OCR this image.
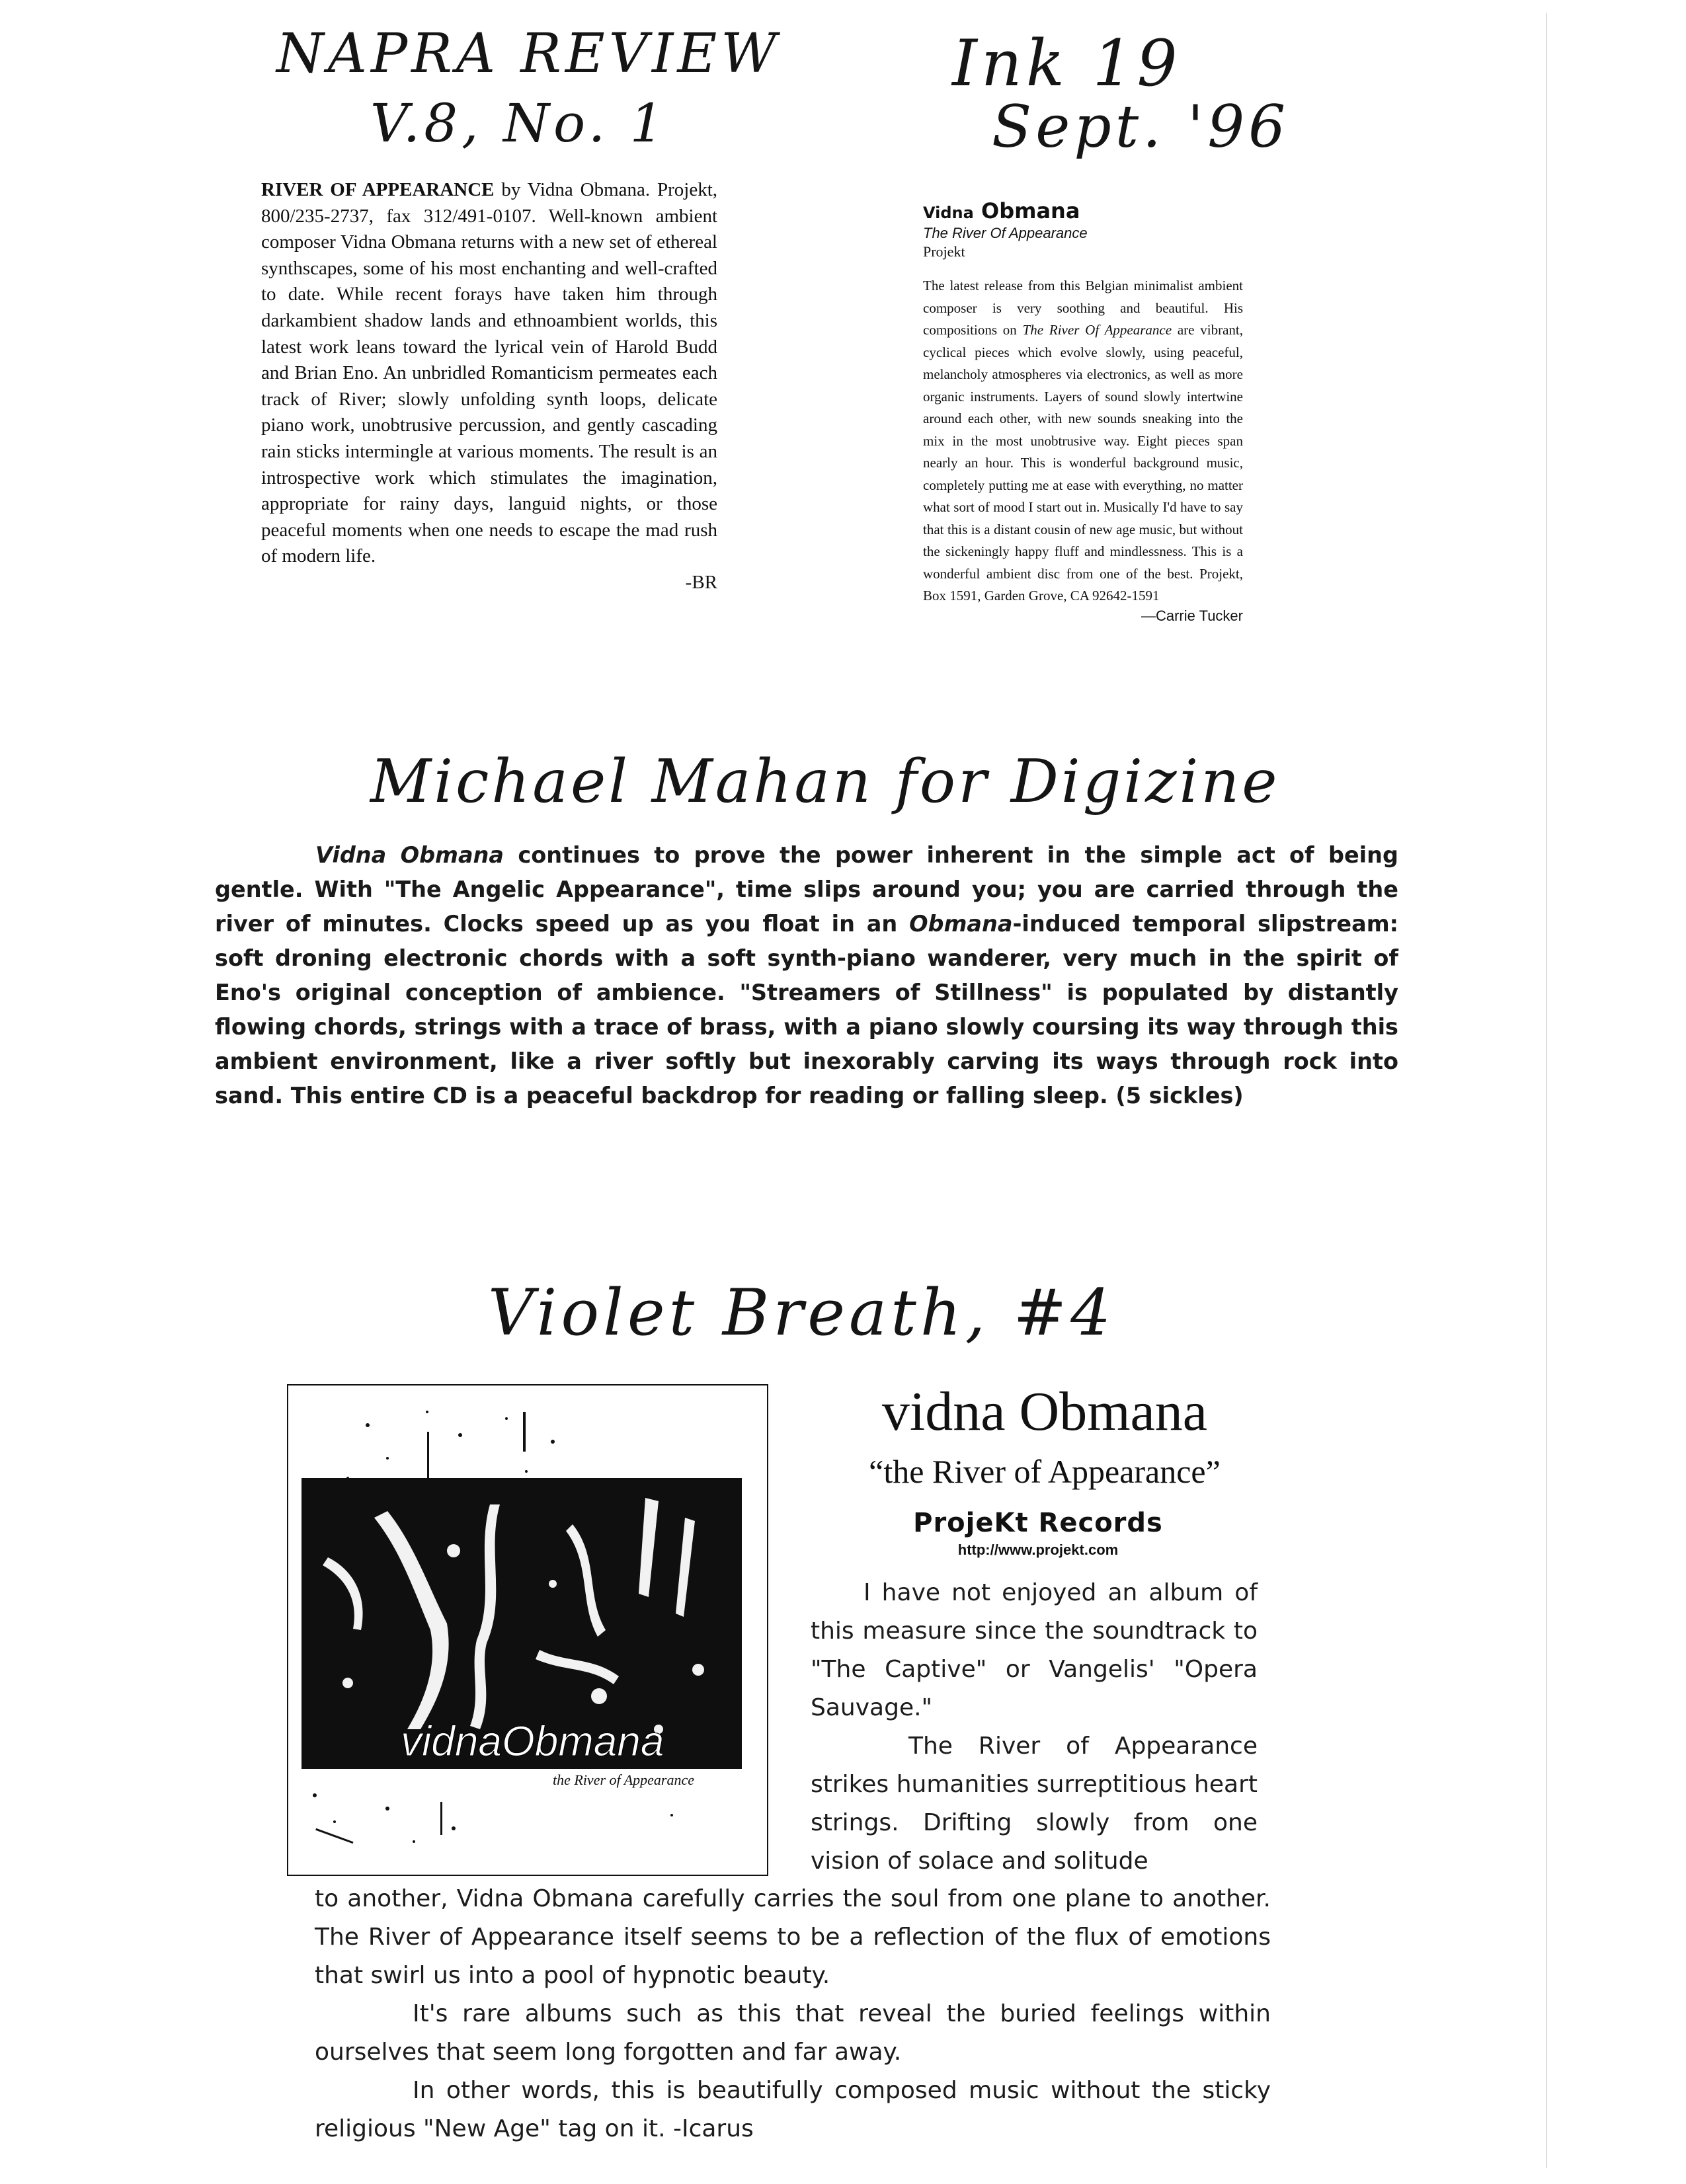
NAPRA REVIEW
V.8, No. 1
Ink 19
Sept. '96
Michael Mahan for Digizine
Violet Breath, #4
RIVER OF APPEARANCE by Vidna Obmana. Projekt, 800/235-2737, fax 312/491-0107. Well-known ambient composer Vidna Obmana returns with a new set of ethereal synthscapes, some of his most enchanting and well-crafted to date. While recent forays have taken him through darkambient shadow lands and ethnoambient worlds, this latest work leans toward the lyrical vein of Harold Budd and Brian Eno. An unbridled Romanticism permeates each track of River; slowly unfolding synth loops, delicate piano work, unobtrusive percussion, and gently cascading rain sticks intermingle at various moments. The result is an introspective work which stimulates the imagination, appropriate for rainy days, languid nights, or those peaceful moments when one needs to escape the mad rush of modern life.
-BR
Vidna Obmana
The River Of Appearance
Projekt
The latest release from this Belgian minimalist ambient composer is very soothing and beautiful. His compositions on The River Of Appearance are vibrant, cyclical pieces which evolve slowly, using peaceful, melancholy atmospheres via electronics, as well as more organic instruments. Layers of sound slowly intertwine around each other, with new sounds sneaking into the mix in the most unobtrusive way. Eight pieces span nearly an hour. This is wonderful background music, completely putting me at ease with everything, no matter what sort of mood I start out in. Musically I'd have to say that this is a distant cousin of new age music, but without the sickeningly happy fluff and mindlessness. This is a wonderful ambient disc from one of the best. Projekt, Box 1591, Garden Grove, CA 92642-1591
—Carrie Tucker
Vidna Obmana continues to prove the power inherent in the simple act of being gentle. With "The Angelic Appearance", time slips around you; you are carried through the river of minutes. Clocks speed up as you float in an Obmana-induced temporal slipstream: soft droning electronic chords with a soft synth-piano wanderer, very much in the spirit of Eno's original conception of ambience. "Streamers of Stillness" is populated by distantly flowing chords, strings with a trace of brass, with a piano slowly coursing its way through this ambient environment, like a river softly but inexorably carving its ways through rock into sand. This entire CD is a peaceful backdrop for reading or falling sleep. (5 sickles)
vidnaObmana
the River of Appearance
vidna Obmana
“the River of Appearance”
ProjeKt Records
http://www.projekt.com

I have not enjoyed an album of this measure since the soundtrack to "The Captive" or Vangelis' "Opera Sauvage."

The River of Appearance strikes humanities surreptitious heart strings. Drifting slowly from one vision of solace and solitude

to another, Vidna Obmana carefully carries the soul from one plane to another. The River of Appearance itself seems to be a reflection of the flux of emotions that swirl us into a pool of hypnotic beauty.

It's rare albums such as this that reveal the buried feelings within ourselves that seem long forgotten and far away.

In other words, this is beautifully composed music without the sticky religious "New Age" tag on it. -Icarus
